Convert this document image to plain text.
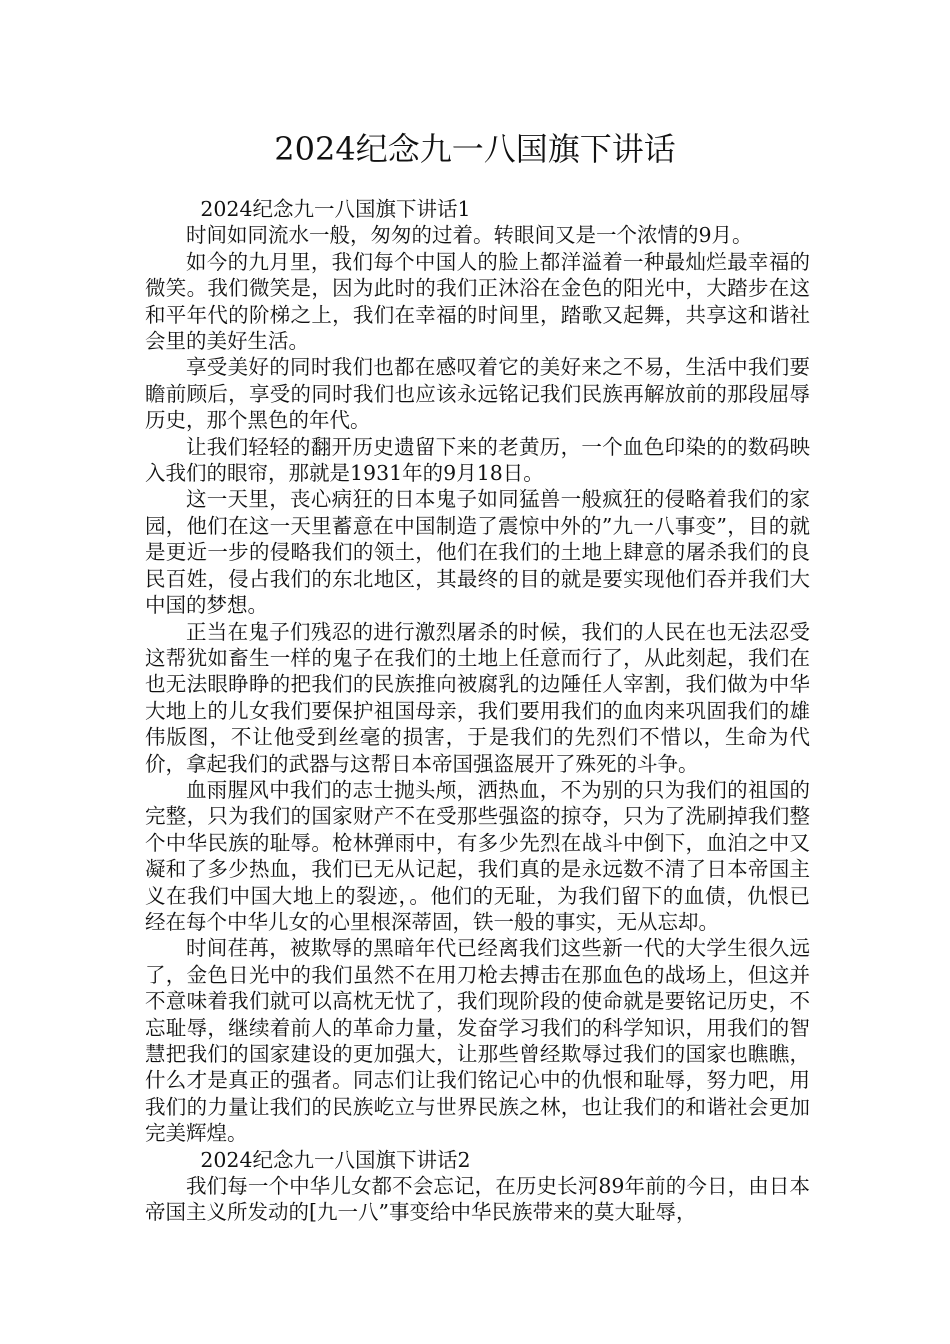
2024纪念九一八国旗下讲话

2024纪念九一八国旗下讲话1

时间如同流水一般，匆匆的过着。转眼间又是一个浓情的9月。

如今的九月里，我们每个中国人的脸上都洋溢着一种最灿烂最幸福的微笑。我们微笑是，因为此时的我们正沐浴在金色的阳光中，大踏步在这和平年代的阶梯之上，我们在幸福的时间里，踏歌又起舞，共享这和谐社会里的美好生活。

享受美好的同时我们也都在感叹着它的美好来之不易，生活中我们要瞻前顾后，享受的同时我们也应该永远铭记我们民族再解放前的那段屈辱历史，那个黑色的年代。

让我们轻轻的翻开历史遗留下来的老黄历，一个血色印染的的数码映入我们的眼帘，那就是1931年的9月18日。

这一天里，丧心病狂的日本鬼子如同猛兽一般疯狂的侵略着我们的家园，他们在这一天里蓄意在中国制造了震惊中外的”九一八事变”，目的就是更近一步的侵略我们的领土，他们在我们的土地上肆意的屠杀我们的良民百姓，侵占我们的东北地区，其最终的目的就是要实现他们吞并我们大中国的梦想。

正当在鬼子们残忍的进行激烈屠杀的时候，我们的人民在也无法忍受这帮犹如畜生一样的鬼子在我们的土地上任意而行了，从此刻起，我们在也无法眼睁睁的把我们的民族推向被腐乳的边陲任人宰割，我们做为中华大地上的儿女我们要保护祖国母亲，我们要用我们的血肉来巩固我们的雄伟版图，不让他受到丝毫的损害，于是我们的先烈们不惜以，生命为代价，拿起我们的武器与这帮日本帝国强盗展开了殊死的斗争。

血雨腥风中我们的志士抛头颅，洒热血，不为别的只为我们的祖国的完整，只为我们的国家财产不在受那些强盗的掠夺，只为了洗刷掉我们整个中华民族的耻辱。枪林弹雨中，有多少先烈在战斗中倒下，血泊之中又凝和了多少热血，我们已无从记起，我们真的是永远数不清了日本帝国主义在我们中国大地上的裂迹，。他们的无耻，为我们留下的血债，仇恨已经在每个中华儿女的心里根深蒂固，铁一般的事实，无从忘却。

时间荏苒，被欺辱的黑暗年代已经离我们这些新一代的大学生很久远了，金色日光中的我们虽然不在用刀枪去搏击在那血色的战场上，但这并不意味着我们就可以高枕无忧了，我们现阶段的使命就是要铭记历史，不忘耻辱，继续着前人的革命力量，发奋学习我们的科学知识，用我们的智慧把我们的国家建设的更加强大，让那些曾经欺辱过我们的国家也瞧瞧，什么才是真正的强者。同志们让我们铭记心中的仇恨和耻辱，努力吧，用我们的力量让我们的民族屹立与世界民族之林，也让我们的和谐社会更加完美辉煌。

2024纪念九一八国旗下讲话2

我们每一个中华儿女都不会忘记，在历史长河89年前的今日，由日本帝国主义所发动的[九一八”事变给中华民族带来的莫大耻辱，
